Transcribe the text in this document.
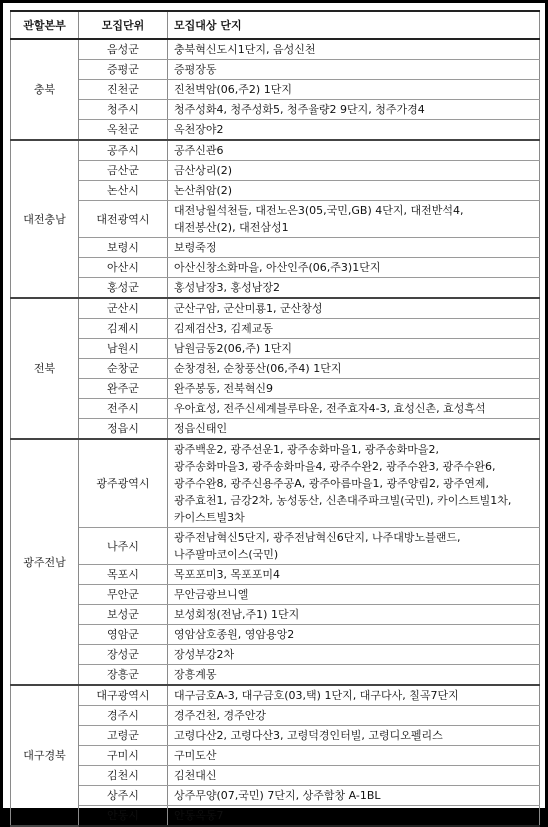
관할본부	모집단위	모집대상 단지
충북	음성군	충북혁신도시1단지, 음성신천

	증평군	증평장동

	진천군	진천벽암(06,주2) 1단지

	청주시	청주성화4, 청주성화5, 청주율량2 9단지, 청주가경4

	옥천군	옥천장야2

대전충남	공주시	공주신관6

	금산군	금산상리(2)

	논산시	논산취암(2)

	대전광역시	대전낭월석천들, 대전노은3(05,국민,GB) 4단지, 대전반석4,
대전봉산(2), 대전삼성1

	보령시	보령죽정

	아산시	아산신창소화마을, 아산인주(06,주3)1단지

	홍성군	홍성남장3, 홍성남장2

전북	군산시	군산구암, 군산미룡1, 군산창성

	김제시	김제검산3, 김제교동

	남원시	남원금동2(06,주) 1단지

	순창군	순창경천, 순창풍산(06,주4) 1단지

	완주군	완주봉동, 전북혁신9

	전주시	우아효성, 전주신세계블루타운, 전주효자4-3, 효성신촌, 효성흑석

	정읍시	정읍신태인

광주전남	광주광역시	광주백운2, 광주선운1, 광주송화마을1, 광주송화마을2,
광주송화마을3, 광주송화마을4, 광주수완2, 광주수완3, 광주수완6,
광주수완8, 광주신용주공A, 광주아름마을1, 광주양림2, 광주연제,
광주효천1, 금강2차, 농성동산, 신촌대주파크빌(국민), 카이스트빌1차,
카이스트빌3차

	나주시	광주전남혁신5단지, 광주전남혁신6단지, 나주대방노블랜드,
나주팔마코이스(국민)

	목포시	목포포미3, 목포포미4

	무안군	무안금광브니엘

	보성군	보성회정(전남,주1) 1단지

	영암군	영암삼호종원, 영암용앙2

	장성군	장성부강2차

	장흥군	장흥계몽

대구경북	대구광역시	대구금호A-3, 대구금호(03,택) 1단지, 대구다사, 칠곡7단지

	경주시	경주건천, 경주안강

	고령군	고령다산2, 고령다산3, 고령덕경인터빌, 고령디오펠리스

	구미시	구미도산

	김천시	김천대신

	상주시	상주무양(07,국민) 7단지, 상주함창 A-1BL

	안동시	안동옥동7
